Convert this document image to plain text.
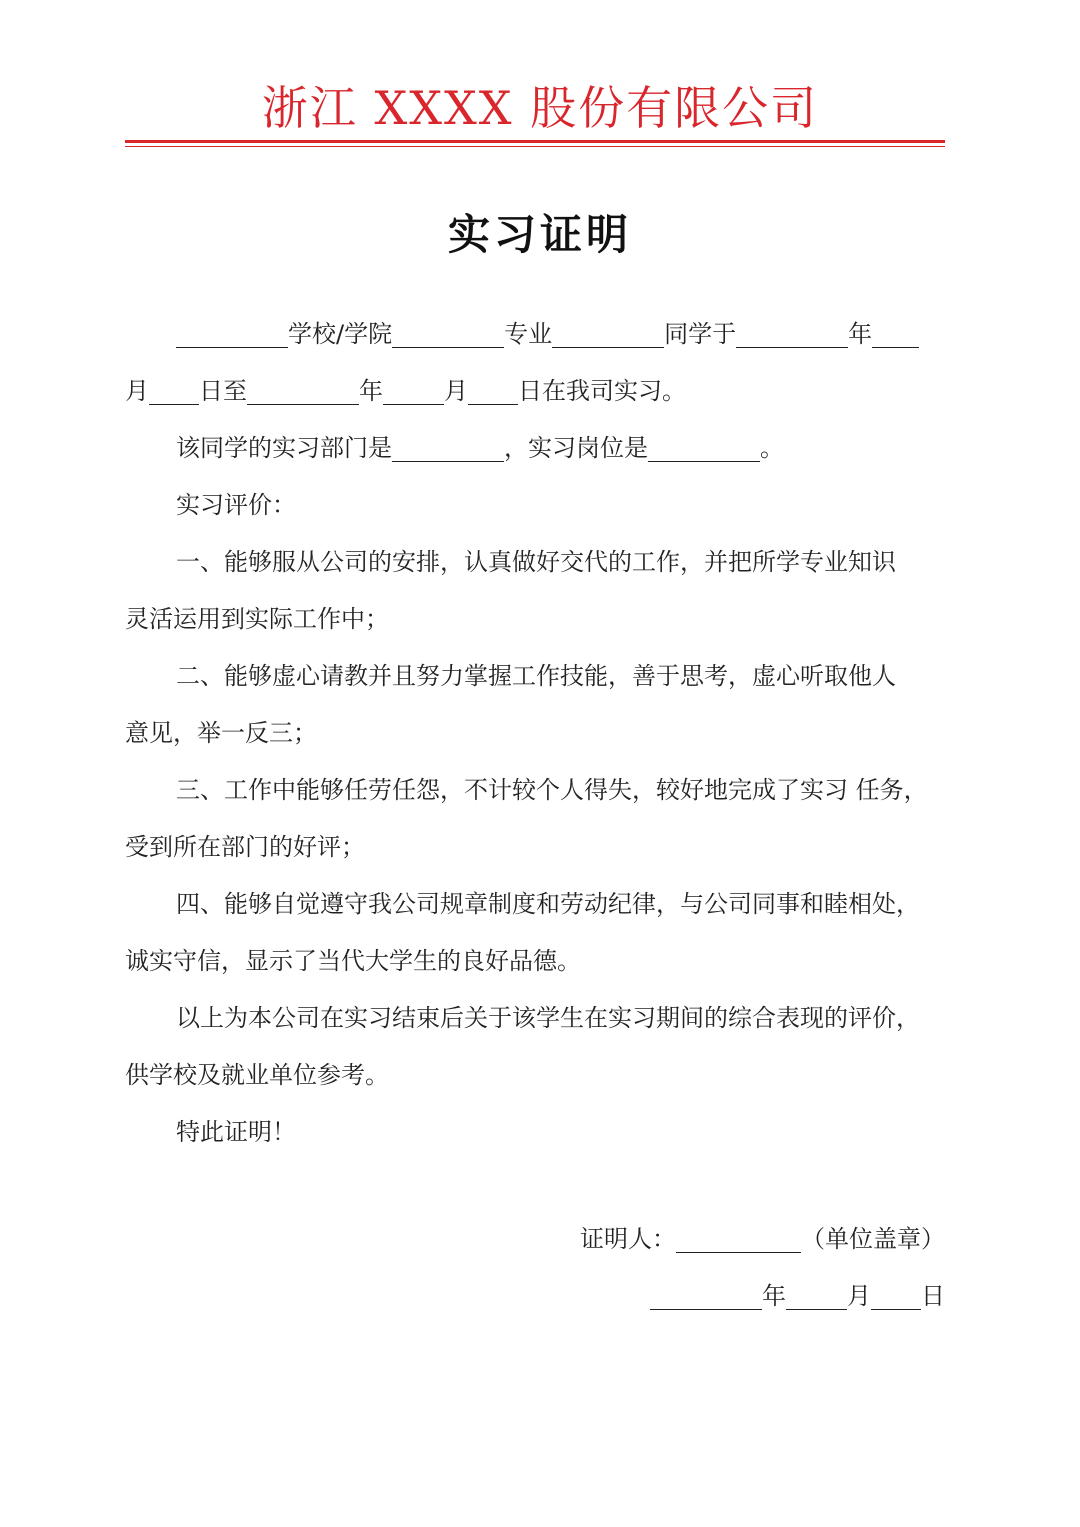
浙江 XXXX 股份有限公司
实习证明
学校/学院	专业	同学于	年
月 日至	年	月 日在我司实习。
该同学的实习部门是	，实习岗位是	。
实习评价：
一、能够服从公司的安排，认真做好交代的工作，并把所学专业知识
灵活运用到实际工作中；
二、能够虚心请教并且努力掌握工作技能，善于思考，虚心听取他人
意见，举一反三；
三、工作中能够任劳任怨，不计较个人得失，较好地完成了实习 任务，
受到所在部门的好评；
四、能够自觉遵守我公司规章制度和劳动纪律，与公司同事和睦相处，
诚实守信，显示了当代大学生的良好品德。
以上为本公司在实习结束后关于该学生在实习期间的综合表现的评价，
供学校及就业单位参考。
特此证明！
证明人：	（单位盖章）
年	月 日
